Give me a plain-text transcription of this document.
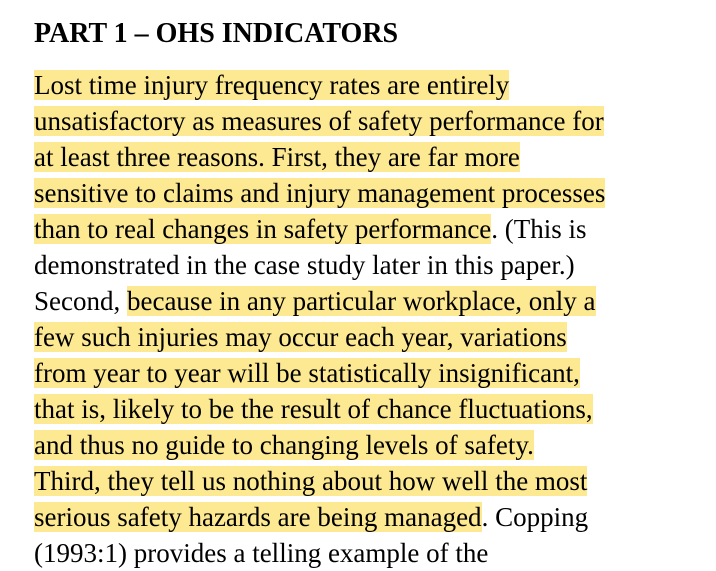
PART 1 – OHS INDICATORS
Lost time injury frequency rates are entirely
unsatisfactory as measures of safety performance for
at least three reasons. First, they are far more
sensitive to claims and injury management processes
than to real changes in safety performance. (This is
demonstrated in the case study later in this paper.)
Second, because in any particular workplace, only a
few such injuries may occur each year, variations
from year to year will be statistically insignificant,
that is, likely to be the result of chance fluctuations,
and thus no guide to changing levels of safety.
Third, they tell us nothing about how well the most
serious safety hazards are being managed. Copping
(1993:1) provides a telling example of the
